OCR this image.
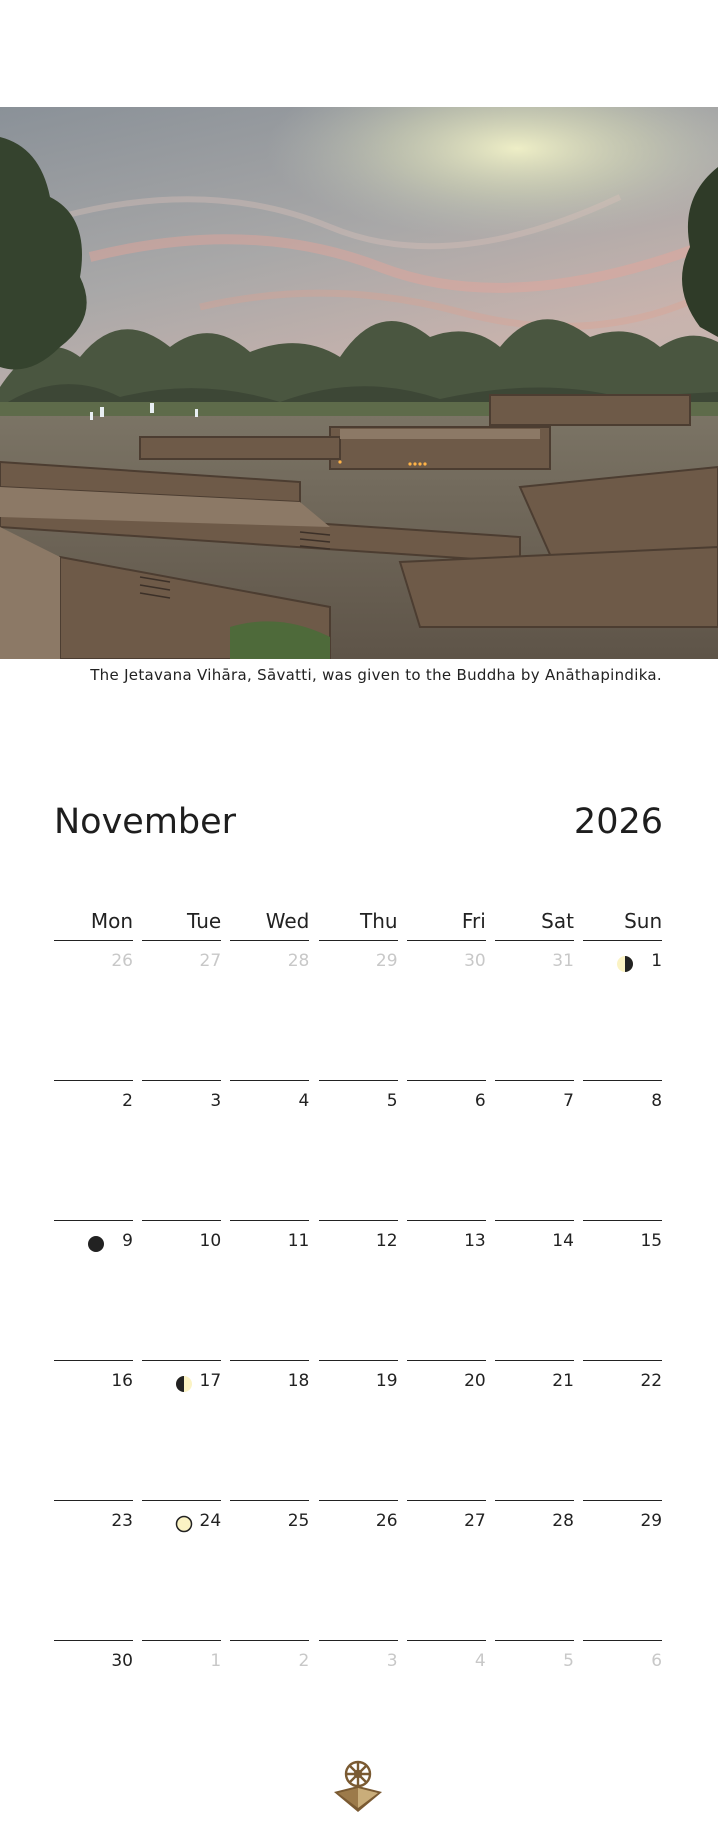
The Jetavana Vihāra, Sāvatti, was given to the Buddha by Anāthapindika.
November	2026
Mon	Tue	Wed	Thu	Fri	Sat	Sun
26	27	28	29	30	31	1
2	3	4	5	6	7	8
9	10	11	12	13	14	15
16	17	18	19	20	21	22
23	24	25	26	27	28	29
30	1	2	3	4	5	6
